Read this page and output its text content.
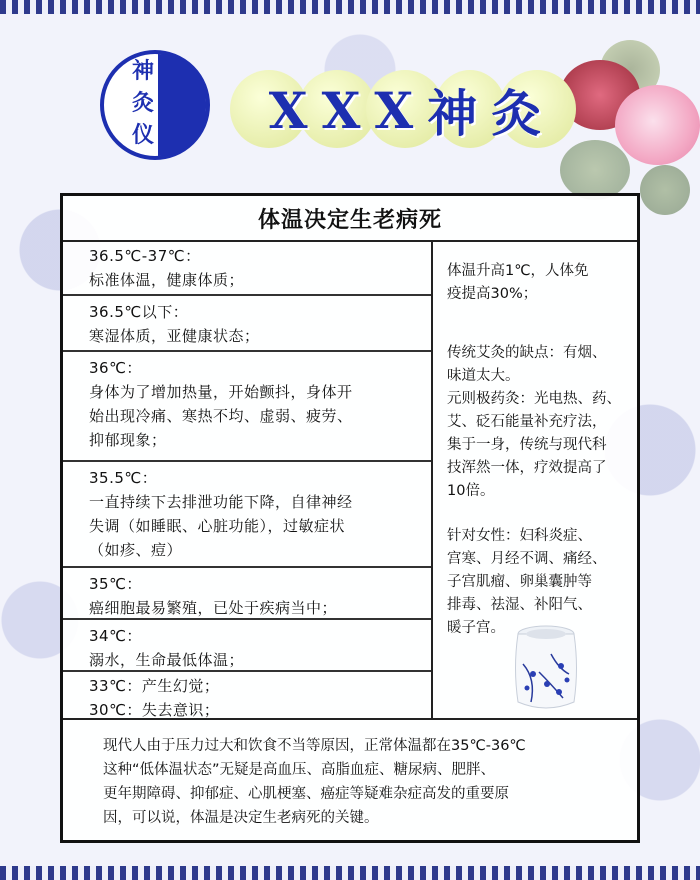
神
灸
仪 X X X 神 灸
体温决定生老病死
36.5℃-37℃：
标准体温，健康体质；
36.5℃以下：
寒湿体质，亚健康状态；
36℃：
身体为了增加热量，开始颤抖，身体开
始出现冷痛、寒热不均、虚弱、疲劳、
抑郁现象；
35.5℃：
一直持续下去排泄功能下降，自律神经
失调（如睡眠、心脏功能），过敏症状
（如疹、痘）
35℃：
癌细胞最易繁殖，已处于疾病当中；
34℃：
溺水，生命最低体温；
33℃：产生幻觉；
30℃：失去意识；

体温升高1℃，人体免
疫提高30%；

传统艾灸的缺点：有烟、
味道太大。
元则极药灸：光电热、药、
艾、砭石能量补充疗法，
集于一身，传统与现代科
技浑然一体，疗效提高了
10倍。

针对女性：妇科炎症、
宫寒、月经不调、痛经、
子宫肌瘤、卵巢囊肿等
排毒、祛湿、补阳气、
暖子宫。

现代人由于压力过大和饮食不当等原因，正常体温都在35℃-36℃
这种“低体温状态”无疑是高血压、高脂血症、糖尿病、肥胖、
更年期障碍、抑郁症、心肌梗塞、癌症等疑难杂症高发的重要原
因，可以说，体温是决定生老病死的关键。
